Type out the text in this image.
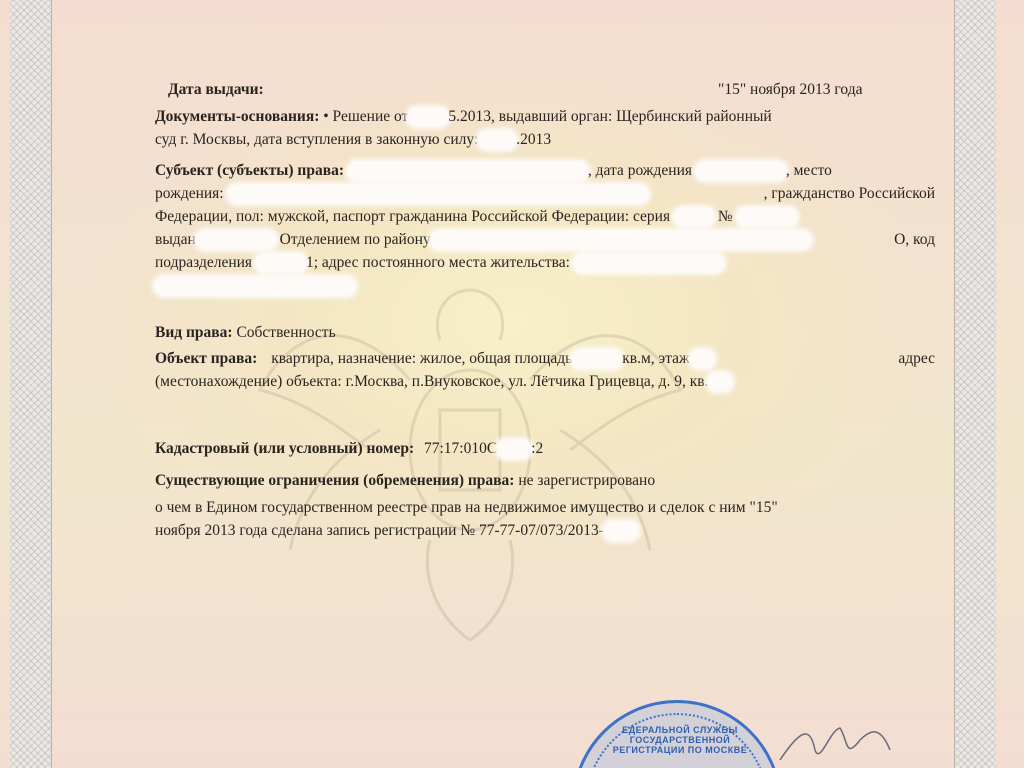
Дата выдачи:	"15" ноября 2013 года
Документы-основания: • Решение от	5.2013, выдавший орган: Щербинский районный
суд г. Москвы, дата вступления в законную силу: .2013
Субъект (субъекты) права:	, дата рождения	, место
рождения:	, гражданство Российской
Федерации, пол: мужской, паспорт гражданина Российской Федерации: серия	№
выдан	Отделением по району	О, код
подразделения	1; адрес постоянного места жительства:
Вид права: Собственность
Объект права: квартира, назначение: жилое, общая площадь	кв.м, этаж	адрес
(местонахождение) объекта: г.Москва, п.Внуковское, ул. Лётчика Грицевца, д. 9, кв.
Кадастровый (или условный) номер: 77:17:010С :2
Существующие ограничения (обременения) права: не зарегистрировано
о чем в Едином государственном реестре прав на недвижимое имущество и сделок с ним "15"
ноября 2013 года сделана запись регистрации № 77-77-07/073/2013-
ЕДЕРАЛЬНОЙ СЛУЖБЫ ГОСУДАРСТВЕННОЙ РЕГИСТРАЦИИ ПО МОСКВЕ
